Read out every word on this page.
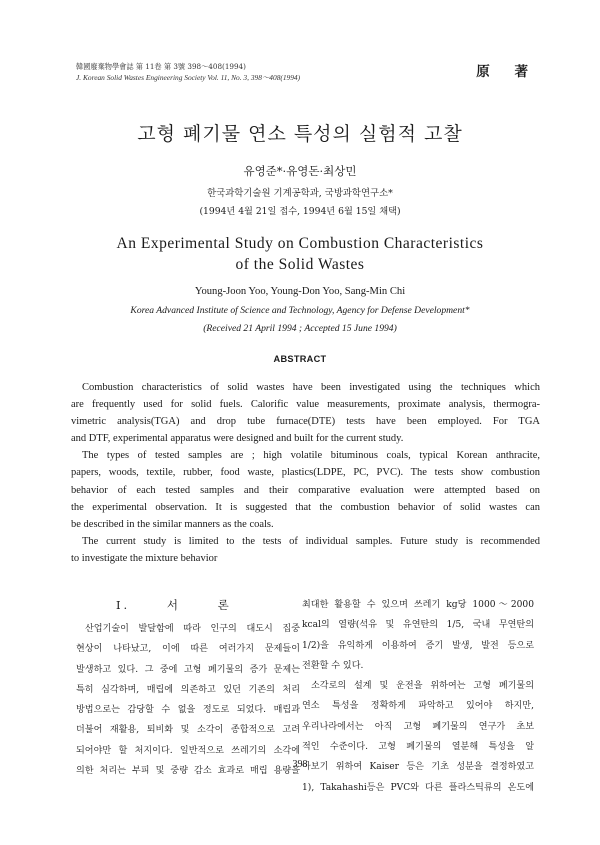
韓國廢棄物學會誌 第 11卷 第 3號 398～408(1994)
J. Korean Solid Wastes Engineering Society Vol. 11, No. 3, 398～408(1994)	原 著
고형 폐기물 연소 특성의 실험적 고찰
유영준*·유영돈·최상민
한국과학기술원 기계공학과, 국방과학연구소*
(1994년 4월 21일 접수, 1994년 6월 15일 채택)
An Experimental Study on Combustion Characteristics
of the Solid Wastes
Young-Joon Yoo, Young-Don Yoo, Sang-Min Chi
Korea Advanced Institute of Science and Technology, Agency for Defense Development*
(Received 21 April 1994 ; Accepted 15 June 1994)
ABSTRACT
Combustion characteristics of solid wastes have been investigated using the techniques which
are frequently used for solid fuels. Calorific value measurements, proximate analysis, thermogra-
vimetric analysis(TGA) and drop tube furnace(DTE) tests have been employed. For TGA
and DTF, experimental apparatus were designed and built for the current study.
The types of tested samples are ; high volatile bituminous coals, typical Korean anthracite,
papers, woods, textile, rubber, food waste, plastics(LDPE, PC, PVC). The tests show combustion
behavior of each tested samples and their comparative evaluation were attempted based on
the experimental observation. It is suggested that the combustion behavior of solid wastes can
be described in the similar manners as the coals.
The current study is limited to the tests of individual samples. Future study is recommended
to investigate the mixture behavior
I. 서 론
산업기술이 발달함에 따라 인구의 대도시 집중
현상이 나타났고, 이에 따른 여러가지 문제들이
발생하고 있다. 그 중에 고형 폐기물의 증가 문제는
특히 심각하며, 매립에 의존하고 있던 기존의 처리
방법으로는 감당할 수 없을 정도로 되었다. 매립과
더불어 재활용, 퇴비화 및 소각이 종합적으로 고려
되어야만 할 처지이다. 일반적으로 쓰레기의 소각에
의한 처리는 부피 및 중량 감소 효과로 매립 용량을
최대한 활용할 수 있으며 쓰레기 kg당 1000～2000
kcal의 열량(석유 및 유연탄의 1/5, 국내 무연탄의
1/2)을 유익하게 이용하여 증기 발생, 발전 등으로
전환할 수 있다.
소각로의 설계 및 운전을 위하여는 고형 폐기물의
연소 특성을 정확하게 파악하고 있어야 하지만,
우리나라에서는 아직 고형 폐기물의 연구가 초보
적인 수준이다. 고형 폐기물의 열분해 특성을 알
아보기 위하여 Kaiser 등은 기초 성분을 결정하였고
1), Takahashi등은 PVC와 다른 플라스틱류의 온도에
398
